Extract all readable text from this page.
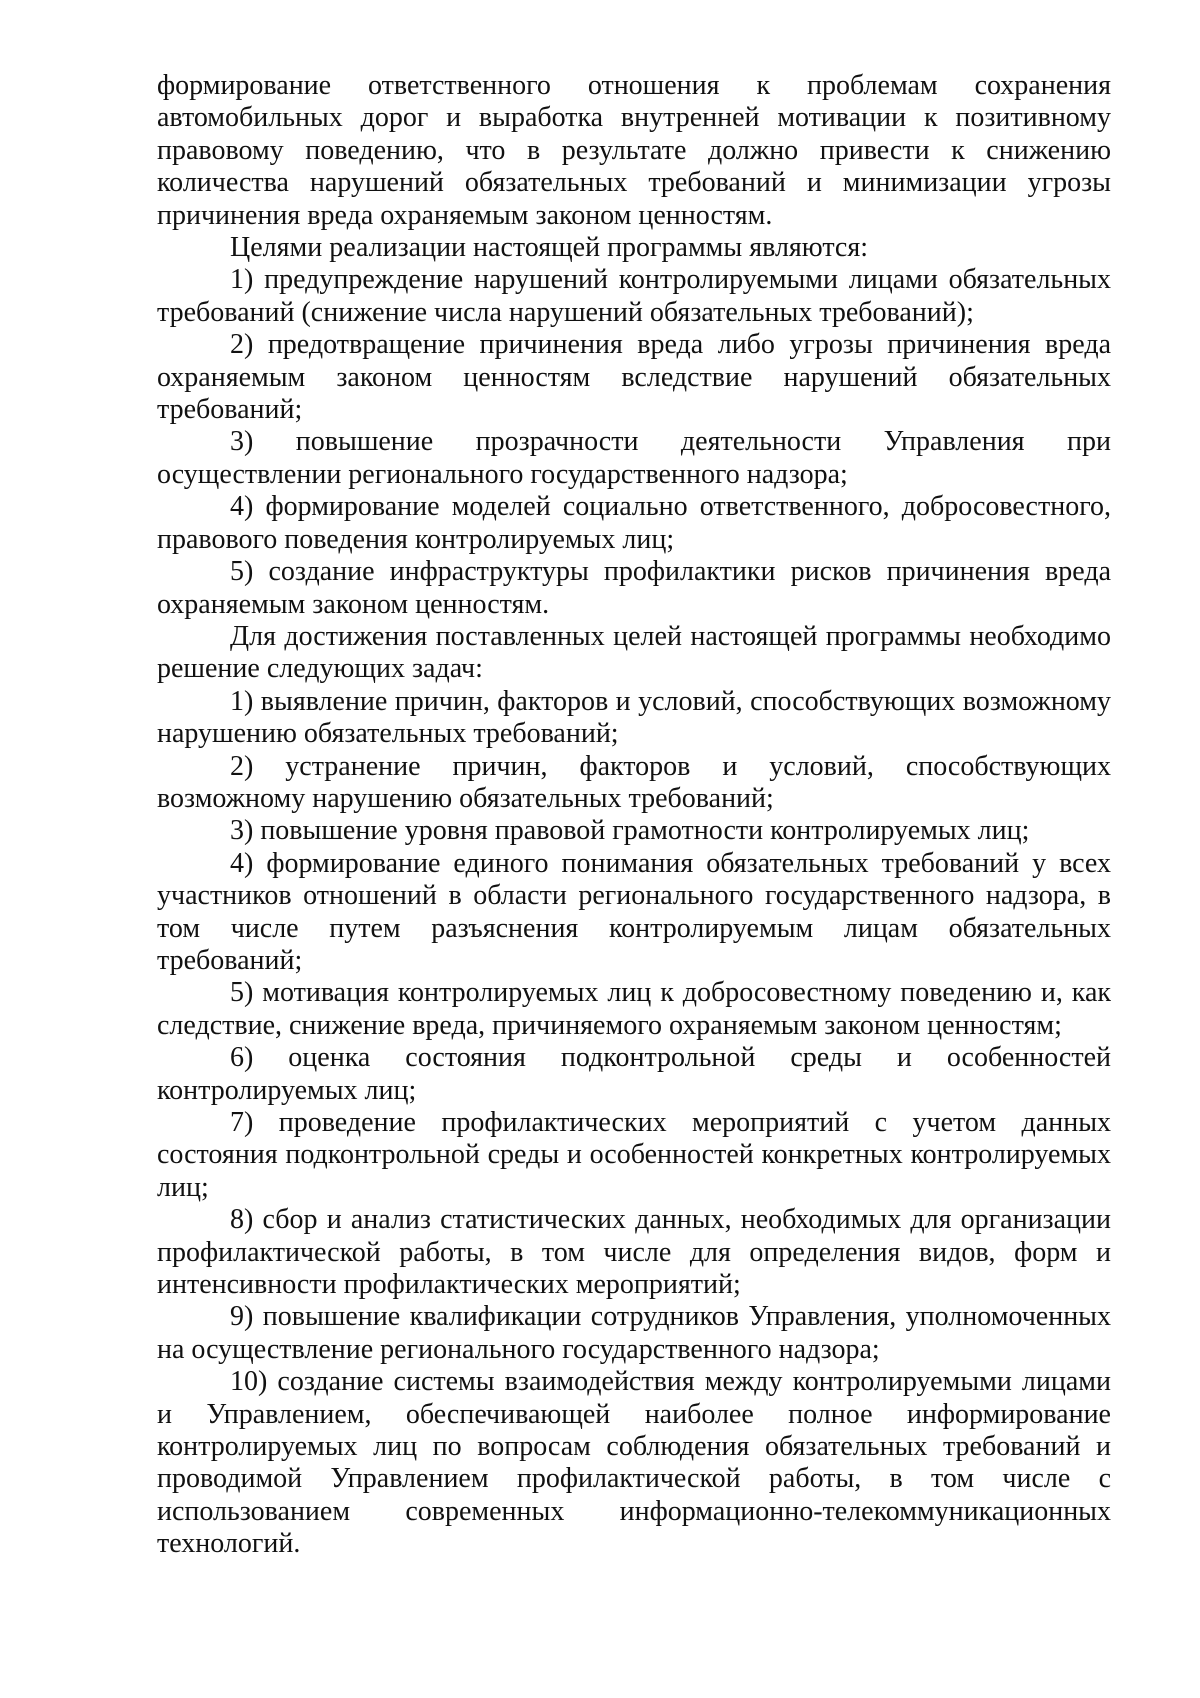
формирование ответственного отношения к проблемам сохранения автомобильных дорог и выработка внутренней мотивации к позитивному правовому поведению, что в результате должно привести к снижению количества нарушений обязательных требований и минимизации угрозы причинения вреда охраняемым законом ценностям.

Целями реализации настоящей программы являются:

1) предупреждение нарушений контролируемыми лицами обязательных требований (снижение числа нарушений обязательных требований);

2) предотвращение причинения вреда либо угрозы причинения вреда охраняемым законом ценностям вследствие нарушений обязательных требований;

3) повышение прозрачности деятельности Управления при осуществлении регионального государственного надзора;

4) формирование моделей социально ответственного, добросовестного, правового поведения контролируемых лиц;

5) создание инфраструктуры профилактики рисков причинения вреда охраняемым законом ценностям.

Для достижения поставленных целей настоящей программы необходимо решение следующих задач:

1) выявление причин, факторов и условий, способствующих возможному нарушению обязательных требований;

2) устранение причин, факторов и условий, способствующих возможному нарушению обязательных требований;

3) повышение уровня правовой грамотности контролируемых лиц;

4) формирование единого понимания обязательных требований у всех участников отношений в области регионального государственного надзора, в том числе путем разъяснения контролируемым лицам обязательных требований;

5) мотивация контролируемых лиц к добросовестному поведению и, как следствие, снижение вреда, причиняемого охраняемым законом ценностям;

6) оценка состояния подконтрольной среды и особенностей контролируемых лиц;

7) проведение профилактических мероприятий с учетом данных состояния подконтрольной среды и особенностей конкретных контролируемых лиц;

8) сбор и анализ статистических данных, необходимых для организации профилактической работы, в том числе для определения видов, форм и интенсивности профилактических мероприятий;

9) повышение квалификации сотрудников Управления, уполномоченных на осуществление регионального государственного надзора;

10) создание системы взаимодействия между контролируемыми лицами и Управлением, обеспечивающей наиболее полное информирование контролируемых лиц по вопросам соблюдения обязательных требований и проводимой Управлением профилактической работы, в том числе с использованием современных информационно-телекоммуникационных технологий.
